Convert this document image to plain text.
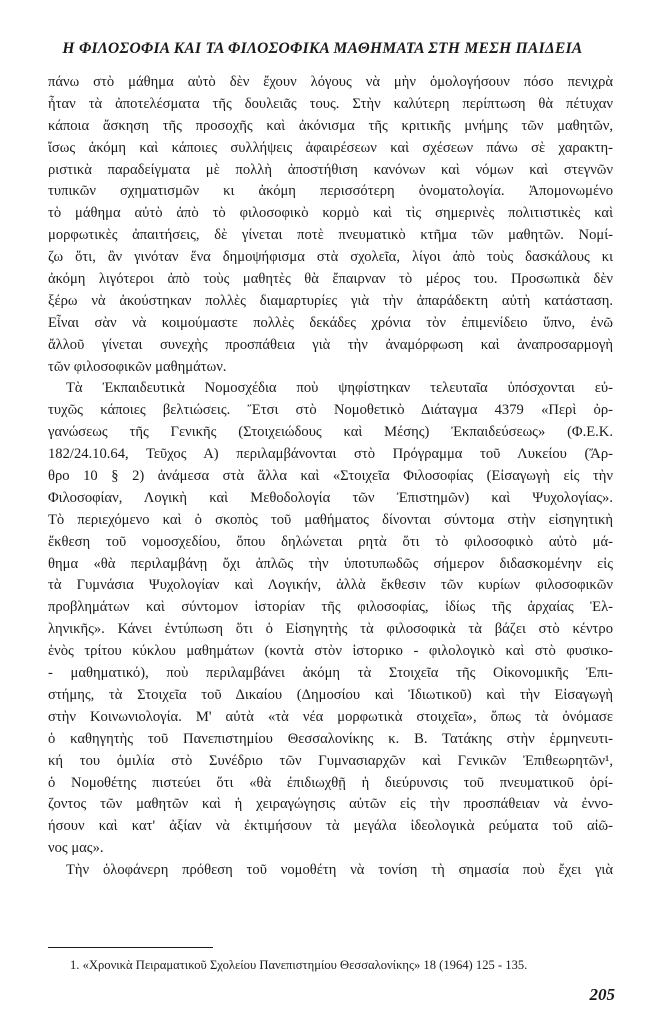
Η ΦΙΛΟΣΟΦΙΑ ΚΑΙ ΤΑ ΦΙΛΟΣΟΦΙΚΑ ΜΑΘΗΜΑΤΑ ΣΤΗ ΜΕΣΗ ΠΑΙΔΕΙΑ
πάνω στὸ μάθημα αὐτὸ δὲν ἔχουν λόγους νὰ μὴν ὁμολογήσουν πόσο πενιχρὰ
ἦταν τὰ ἀποτελέσματα τῆς δουλειᾶς τους. Στὴν καλύτερη περίπτωση θὰ πέτυχαν
κάποια ἄσκηση τῆς προσοχῆς καὶ ἀκόνισμα τῆς κριτικῆς μνήμης τῶν μαθητῶν,
ἴσως ἀκόμη καὶ κάποιες συλλήψεις ἀφαιρέσεων καὶ σχέσεων πάνω σὲ χαρακτη-
ριστικὰ παραδείγματα μὲ πολλὴ ἀποστήθιση κανόνων καὶ νόμων καὶ στεγνῶν
τυπικῶν σχηματισμῶν κι ἀκόμη περισσότερη ὀνοματολογία. Ἀπομονωμένο
τὸ μάθημα αὐτὸ ἀπὸ τὸ φιλοσοφικὸ κορμὸ καὶ τὶς σημερινὲς πολιτιστικὲς καὶ
μορφωτικὲς ἀπαιτήσεις, δὲ γίνεται ποτὲ πνευματικὸ κτῆμα τῶν μαθητῶν. Νομί-
ζω ὅτι, ἂν γινόταν ἕνα δημοψήφισμα στὰ σχολεῖα, λίγοι ἀπὸ τοὺς δασκάλους κι
ἀκόμη λιγότεροι ἀπὸ τοὺς μαθητὲς θὰ ἔπαιρναν τὸ μέρος του. Προσωπικὰ δὲν
ξέρω νὰ ἀκούστηκαν πολλὲς διαμαρτυρίες γιὰ τὴν ἀπαράδεκτη αὐτὴ κατάσταση.
Εἶναι σὰν νὰ κοιμούμαστε πολλὲς δεκάδες χρόνια τὸν ἐπιμενίδειο ὕπνο, ἐνῶ
ἄλλοῦ γίνεται συνεχὴς προσπάθεια γιὰ τὴν ἀναμόρφωση καὶ ἀναπροσαρμογὴ
τῶν φιλοσοφικῶν μαθημάτων.
Τὰ Ἐκπαιδευτικὰ Νομοσχέδια ποὺ ψηφίστηκαν τελευταῖα ὑπόσχονται εὐ-
τυχῶς κάποιες βελτιώσεις. Ἔτσι στὸ Νομοθετικὸ Διάταγμα 4379 «Περὶ ὀρ-
γανώσεως τῆς Γενικῆς (Στοιχειώδους καὶ Μέσης) Ἐκπαιδεύσεως» (Φ.Ε.Κ.
182/24.10.64, Τεῦχος Α) περιλαμβάνονται στὸ Πρόγραμμα τοῦ Λυκείου (Ἄρ-
θρο 10 § 2) ἀνάμεσα στὰ ἄλλα καὶ «Στοιχεῖα Φιλοσοφίας (Εἰσαγωγὴ εἰς τὴν
Φιλοσοφίαν, Λογικὴ καὶ Μεθοδολογία τῶν Ἐπιστημῶν) καὶ Ψυχολογίας».
Τὸ περιεχόμενο καὶ ὁ σκοπὸς τοῦ μαθήματος δίνονται σύντομα στὴν εἰσηγητικὴ
ἔκθεση τοῦ νομοσχεδίου, ὅπου δηλώνεται ρητὰ ὅτι τὸ φιλοσοφικὸ αὐτὸ μά-
θημα «θὰ περιλαμβάνῃ ὄχι ἁπλῶς τὴν ὑποτυπωδῶς σήμερον διδασκομένην εἰς
τὰ Γυμνάσια Ψυχολογίαν καὶ Λογικήν, ἀλλὰ ἔκθεσιν τῶν κυρίων φιλοσοφικῶν
προβλημάτων καὶ σύντομον ἱστορίαν τῆς φιλοσοφίας, ἰδίως τῆς ἀρχαίας Ἑλ-
ληνικῆς». Κάνει ἐντύπωση ὅτι ὁ Εἰσηγητὴς τὰ φιλοσοφικὰ τὰ βάζει στὸ κέντρο
ἑνὸς τρίτου κύκλου μαθημάτων (κοντὰ στὸν ἱστορικο - φιλολογικὸ καὶ στὸ φυσικο-
- μαθηματικό), ποὺ περιλαμβάνει ἀκόμη τὰ Στοιχεῖα τῆς Οἰκονομικῆς Ἐπι-
στήμης, τὰ Στοιχεῖα τοῦ Δικαίου (Δημοσίου καὶ Ἰδιωτικοῦ) καὶ τὴν Εἰσαγωγὴ
στὴν Κοινωνιολογία. Μ' αὐτὰ «τὰ νέα μορφωτικὰ στοιχεῖα», ὅπως τὰ ὀνόμασε
ὁ καθηγητὴς τοῦ Πανεπιστημίου Θεσσαλονίκης κ. Β. Τατάκης στὴν ἑρμηνευτι-
κή του ὁμιλία στὸ Συνέδριο τῶν Γυμνασιαρχῶν καὶ Γενικῶν Ἐπιθεωρητῶν¹,
ὁ Νομοθέτης πιστεύει ὅτι «θὰ ἐπιδιωχθῇ ἡ διεύρυνσις τοῦ πνευματικοῦ ὁρί-
ζοντος τῶν μαθητῶν καὶ ἡ χειραγώγησις αὐτῶν εἰς τὴν προσπάθειαν νὰ ἐννο-
ήσουν καὶ κατ' ἀξίαν νὰ ἐκτιμήσουν τὰ μεγάλα ἰδεολογικὰ ρεύματα τοῦ αἰῶ-
νος μας».
Τὴν ὁλοφάνερη πρόθεση τοῦ νομοθέτη νὰ τονίση τὴ σημασία ποὺ ἔχει γιὰ
1. «Χρονικὰ Πειραματικοῦ Σχολείου Πανεπιστημίου Θεσσαλονίκης» 18 (1964) 125 - 135.
205
